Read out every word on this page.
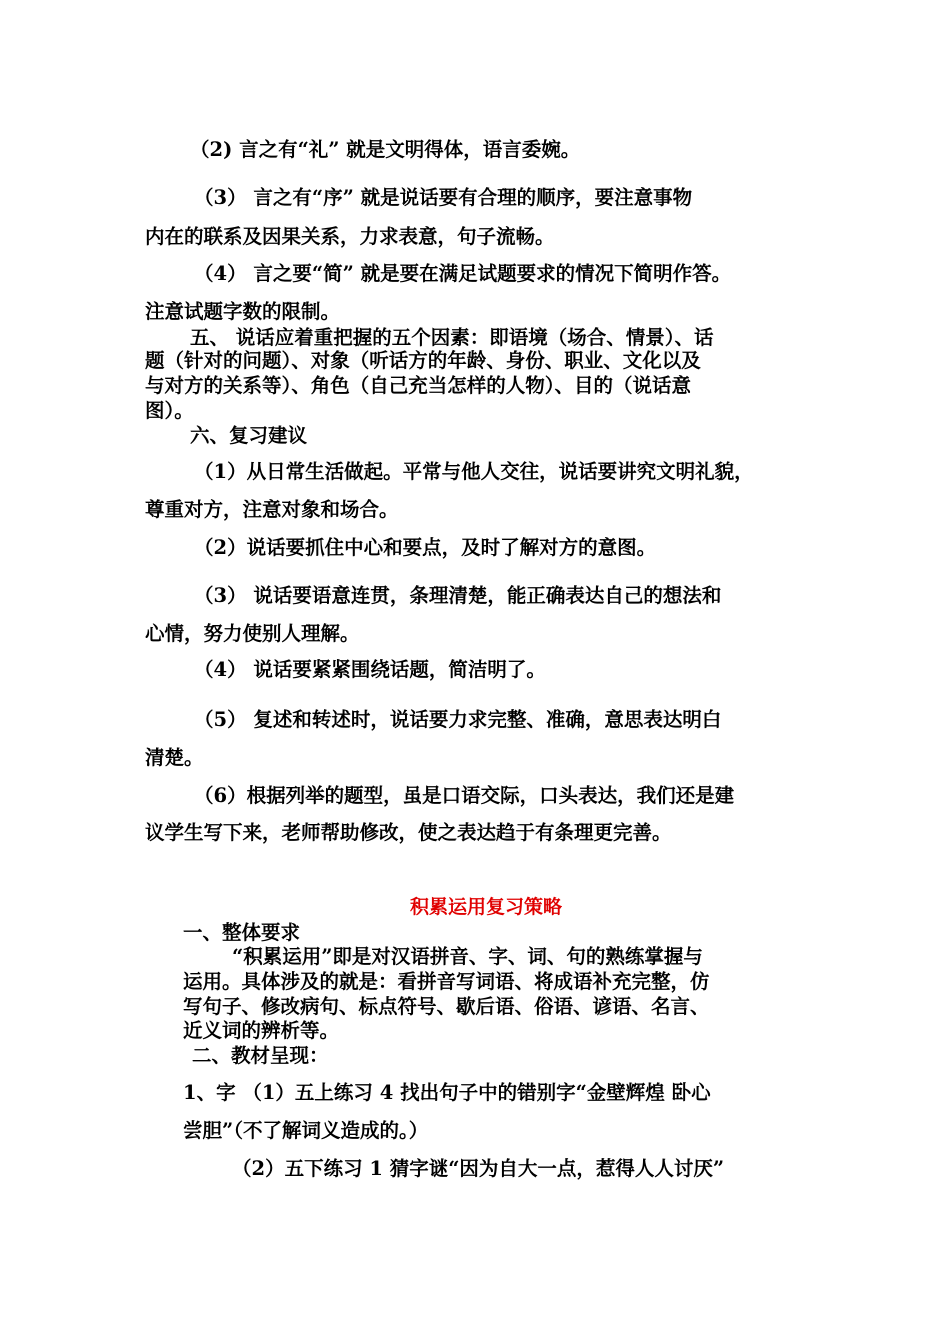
（2) 言之有“礼” 就是文明得体，语言委婉。
（3） 言之有“序” 就是说话要有合理的顺序，要注意事物
内在的联系及因果关系，力求表意，句子流畅。
（4） 言之要“简” 就是要在满足试题要求的情况下简明作答。
注意试题字数的限制。
五、 说话应着重把握的五个因素：即语境（场合、情景）、话
题（针对的问题）、对象（听话方的年龄、身份、职业、文化以及
与对方的关系等）、角色（自己充当怎样的人物）、目的（说话意
图）。
六、复习建议
（1）从日常生活做起。平常与他人交往，说话要讲究文明礼貌，
尊重对方，注意对象和场合。
（2）说话要抓住中心和要点，及时了解对方的意图。
（3） 说话要语意连贯，条理清楚，能正确表达自己的想法和
心情，努力使别人理解。
（4） 说话要紧紧围绕话题，简洁明了。
（5） 复述和转述时，说话要力求完整、准确，意思表达明白
清楚。
（6）根据列举的题型，虽是口语交际，口头表达，我们还是建
议学生写下来，老师帮助修改，使之表达趋于有条理更完善。
积累运用复习策略
一、整体要求
“积累运用”即是对汉语拼音、字、词、句的熟练掌握与
运用。具体涉及的就是：看拼音写词语、将成语补充完整，仿
写句子、修改病句、标点符号、歇后语、俗语、谚语、名言、
近义词的辨析等。
二、教材呈现：
1、字 （1）五上练习 4 找出句子中的错别字“金壁辉煌 卧心
尝胆”（不了解词义造成的。）
（2）五下练习 1 猜字谜“因为自大一点，惹得人人讨厌”
